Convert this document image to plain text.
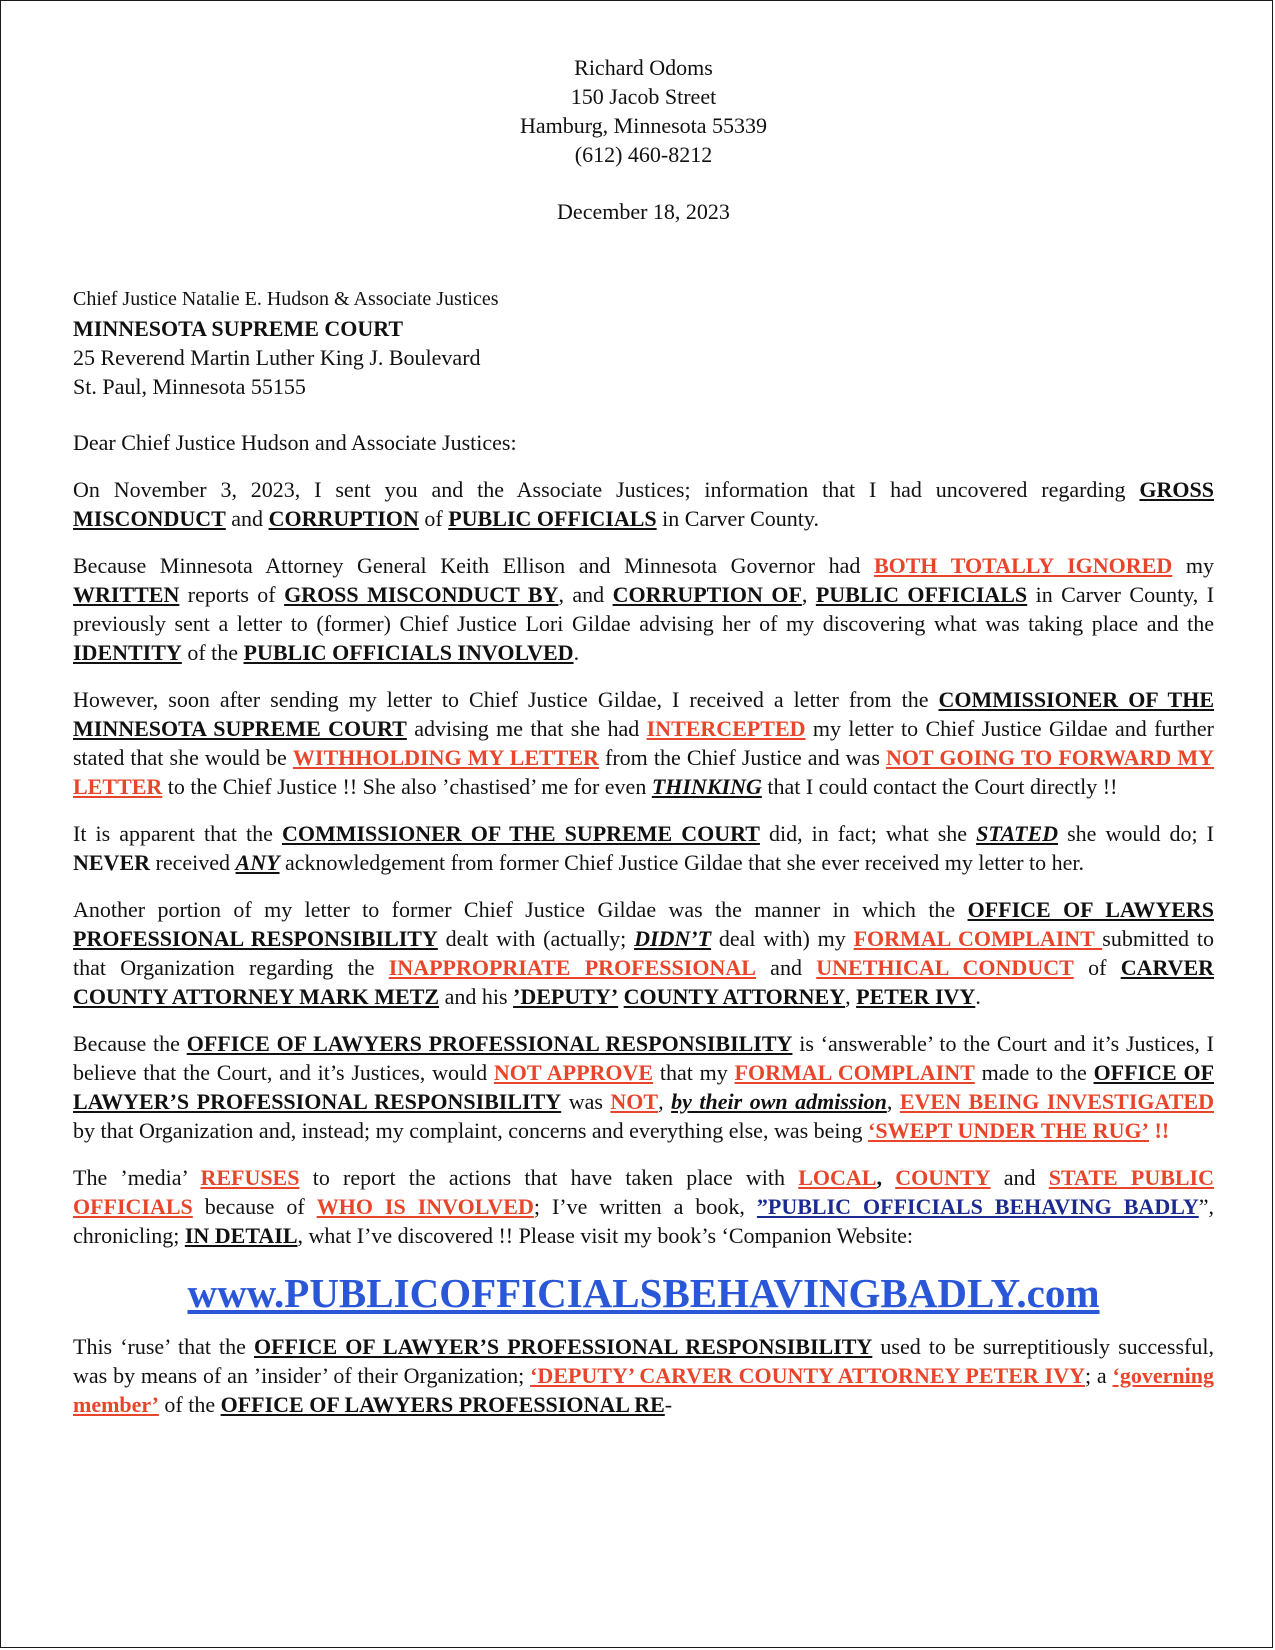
Richard Odoms
150 Jacob Street
Hamburg, Minnesota 55339
(612) 460-8212
December 18, 2023
Chief Justice Natalie E. Hudson & Associate Justices
MINNESOTA SUPREME COURT
25 Reverend Martin Luther King J. Boulevard
St. Paul, Minnesota 55155

Dear Chief Justice Hudson and Associate Justices:

On November 3, 2023, I sent you and the Associate Justices; information that I had uncovered regarding GROSS MISCONDUCT and CORRUPTION of PUBLIC OFFICIALS in Carver County.

Because Minnesota Attorney General Keith Ellison and Minnesota Governor had BOTH TOTALLY IGNORED my WRITTEN reports of GROSS MISCONDUCT BY, and CORRUPTION OF, PUBLIC OFFICIALS in Carver County, I previously sent a letter to (former) Chief Justice Lori Gildae advising her of my discovering what was taking place and the IDENTITY of the PUBLIC OFFICIALS INVOLVED.

However, soon after sending my letter to Chief Justice Gildae, I received a letter from the COMMISSIONER OF THE MINNESOTA SUPREME COURT advising me that she had INTERCEPTED my letter to Chief Justice Gildae and further stated that she would be WITHHOLDING MY LETTER from the Chief Justice and was NOT GOING TO FORWARD MY LETTER to the Chief Justice !! She also ’chastised’ me for even THINKING that I could contact the Court directly !!

It is apparent that the COMMISSIONER OF THE SUPREME COURT did, in fact; what she STATED she would do; I NEVER received ANY acknowledgement from former Chief Justice Gildae that she ever received my letter to her.

Another portion of my letter to former Chief Justice Gildae was the manner in which the OFFICE OF LAWYERS PROFESSIONAL RESPONSIBILITY dealt with (actually; DIDN’T deal with) my FORMAL COMPLAINT submitted to that Organization regarding the INAPPROPRIATE PROFESSIONAL and UNETHICAL CONDUCT of CARVER COUNTY ATTORNEY MARK METZ and his ’DEPUTY’ COUNTY ATTORNEY, PETER IVY.

Because the OFFICE OF LAWYERS PROFESSIONAL RESPONSIBILITY is ‘answerable’ to the Court and it’s Justices, I believe that the Court, and it’s Justices, would NOT APPROVE that my FORMAL COMPLAINT made to the OFFICE OF LAWYER’S PROFESSIONAL RESPONSIBILITY was NOT, by their own admission, EVEN BEING INVESTIGATED by that Organization and, instead; my complaint, concerns and everything else, was being ‘SWEPT UNDER THE RUG’ !!

The ’media’ REFUSES to report the actions that have taken place with LOCAL, COUNTY and STATE PUBLIC OFFICIALS because of WHO IS INVOLVED; I’ve written a book, ”PUBLIC OFFICIALS BEHAVING BADLY”, chronicling; IN DETAIL, what I’ve discovered !! Please visit my book’s ‘Companion Website:

www.PUBLICOFFICIALSBEHAVINGBADLY.com

This ‘ruse’ that the OFFICE OF LAWYER’S PROFESSIONAL RESPONSIBILITY used to be surreptitiously successful, was by means of an ’insider’ of their Organization; ‘DEPUTY’ CARVER COUNTY ATTORNEY PETER IVY; a ‘governing member’ of the OFFICE OF LAWYERS PROFESSIONAL RE-
